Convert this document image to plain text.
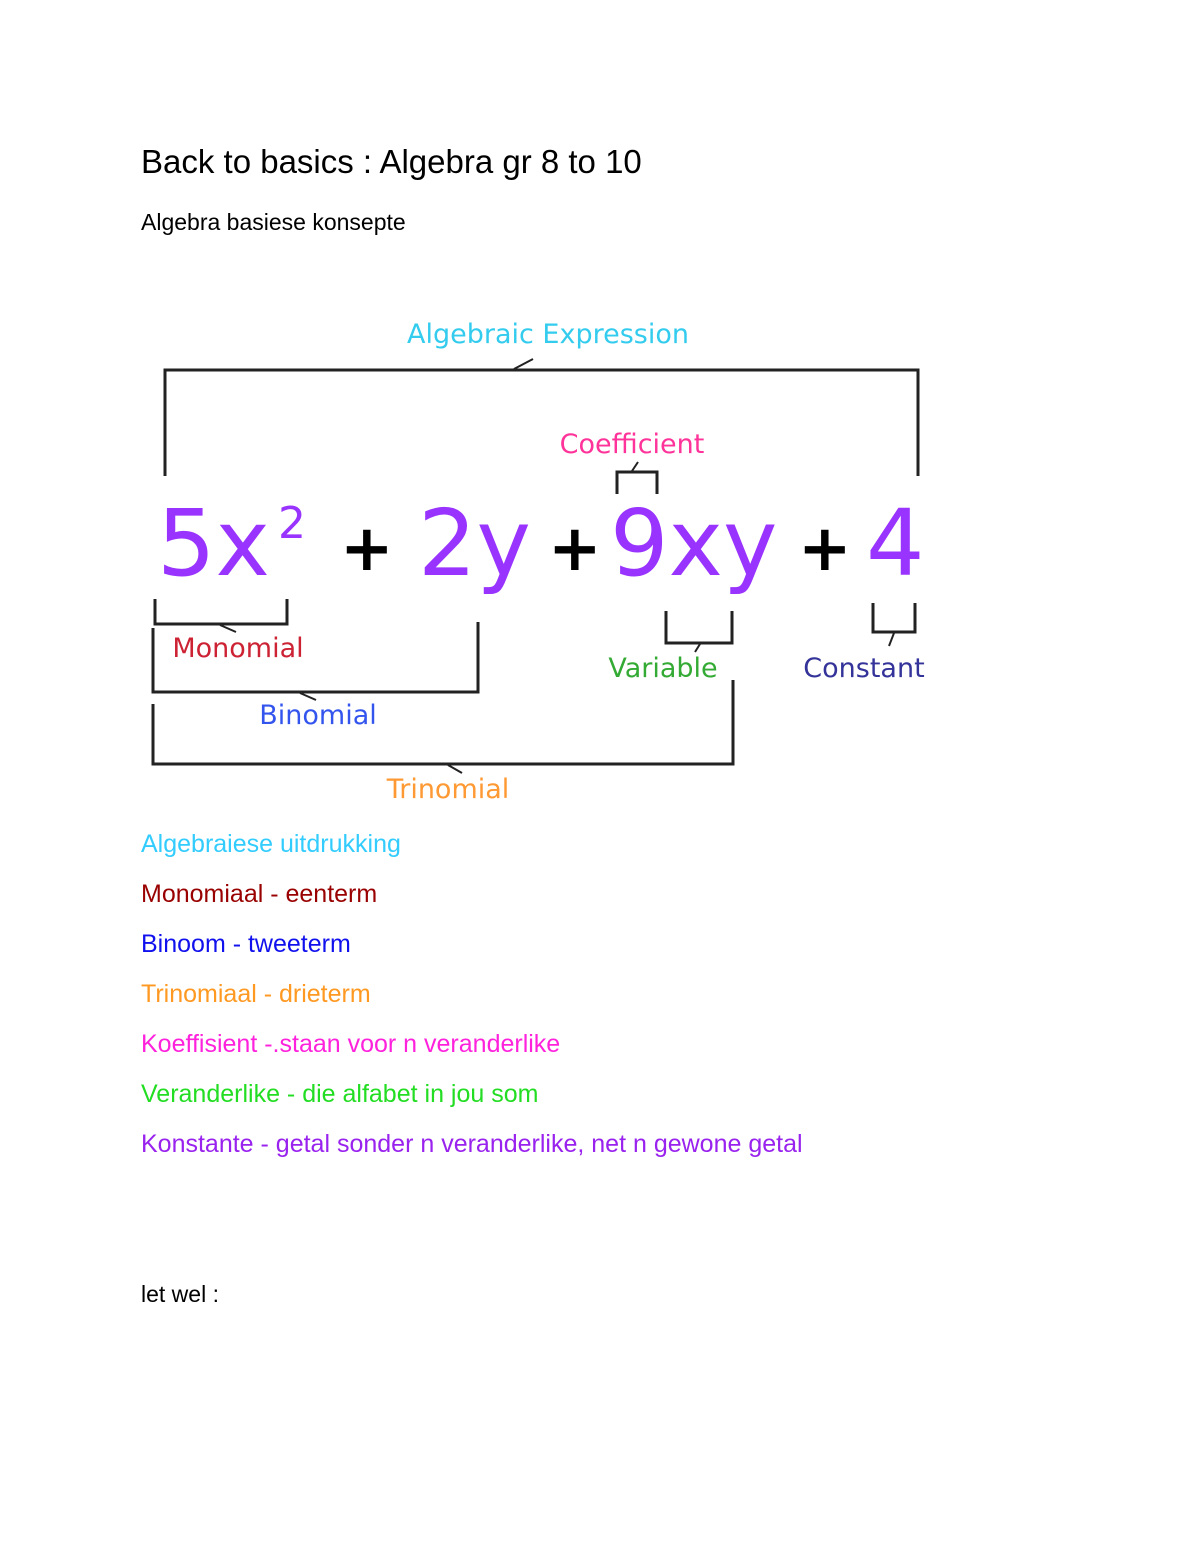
Back to basics : Algebra gr 8 to 10
Algebra basiese konsepte
Algebraic Expression
Coefficient
5x 2 + 2y + 9xy + 4
Monomial
Binomial
Variable	Constant
Trinomial
Algebraiese uitdrukking
Monomiaal - eenterm
Binoom - tweeterm
Trinomiaal - drieterm
Koeffisient -.staan voor n veranderlike
Veranderlike - die alfabet in jou som
Konstante - getal sonder n veranderlike, net n gewone getal
let wel :
